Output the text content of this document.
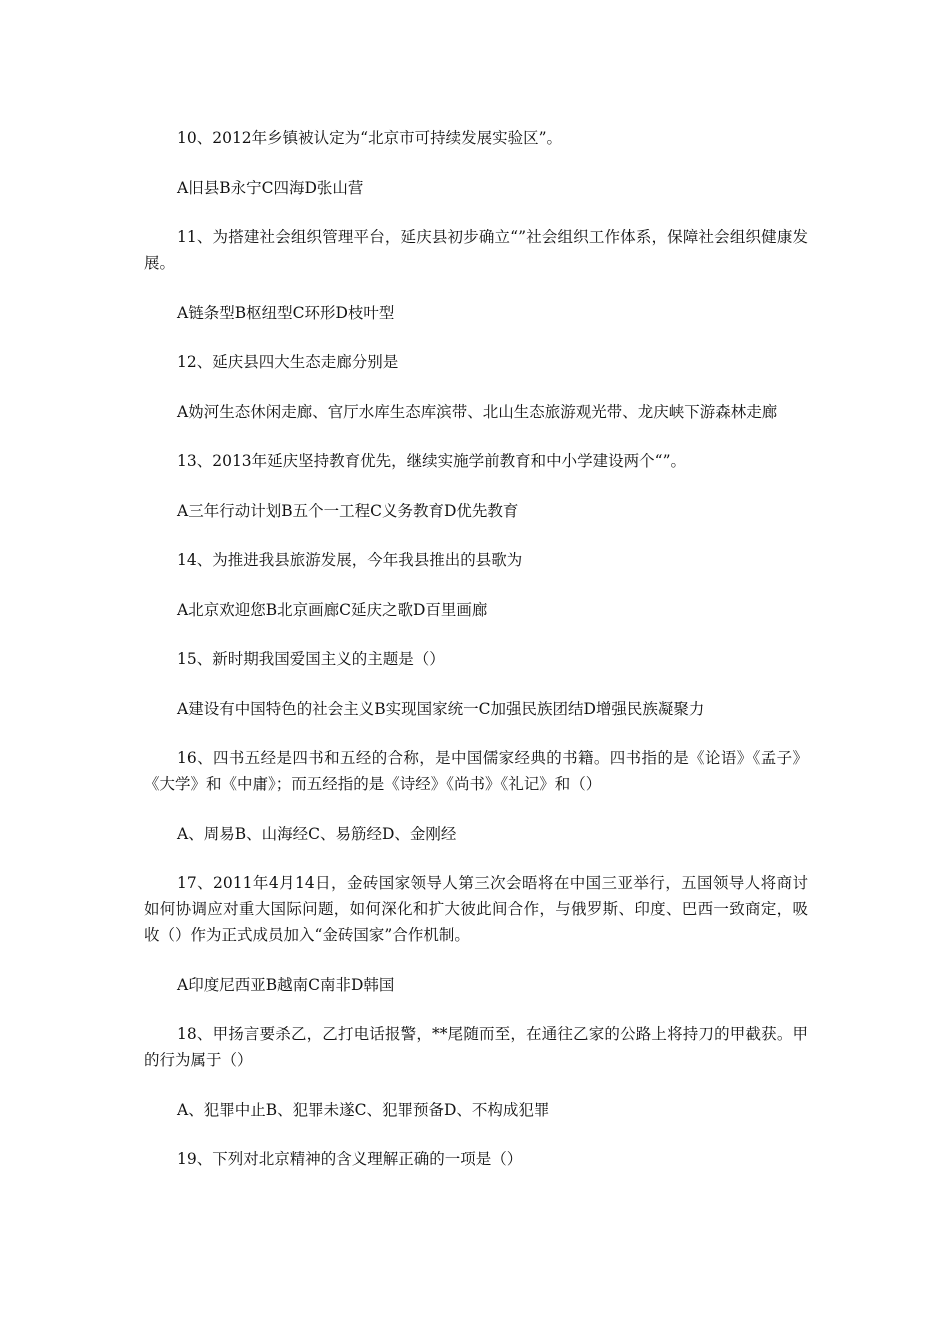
10、2012年乡镇被认定为“北京市可持续发展实验区”。

A旧县B永宁C四海D张山营

11、为搭建社会组织管理平台，延庆县初步确立“”社会组织工作体系，保障社会组织健康发展。

A链条型B枢纽型C环形D枝叶型

12、延庆县四大生态走廊分别是

A妫河生态休闲走廊、官厅水库生态库滨带、北山生态旅游观光带、龙庆峡下游森林走廊

13、2013年延庆坚持教育优先，继续实施学前教育和中小学建设两个“”。

A三年行动计划B五个一工程C义务教育D优先教育

14、为推进我县旅游发展，今年我县推出的县歌为

A北京欢迎您B北京画廊C延庆之歌D百里画廊

15、新时期我国爱国主义的主题是（）

A建设有中国特色的社会主义B实现国家统一C加强民族团结D增强民族凝聚力

16、四书五经是四书和五经的合称，是中国儒家经典的书籍。四书指的是《论语》《孟子》《大学》和《中庸》；而五经指的是《诗经》《尚书》《礼记》和（）

A、周易B、山海经C、易筋经D、金刚经

17、2011年4月14日，金砖国家领导人第三次会晤将在中国三亚举行，五国领导人将商讨如何协调应对重大国际问题，如何深化和扩大彼此间合作，与俄罗斯、印度、巴西一致商定，吸收（）作为正式成员加入“金砖国家”合作机制。

A印度尼西亚B越南C南非D韩国

18、甲扬言要杀乙，乙打电话报警，**尾随而至，在通往乙家的公路上将持刀的甲截获。甲的行为属于（）

A、犯罪中止B、犯罪未遂C、犯罪预备D、不构成犯罪

19、下列对北京精神的含义理解正确的一项是（）
